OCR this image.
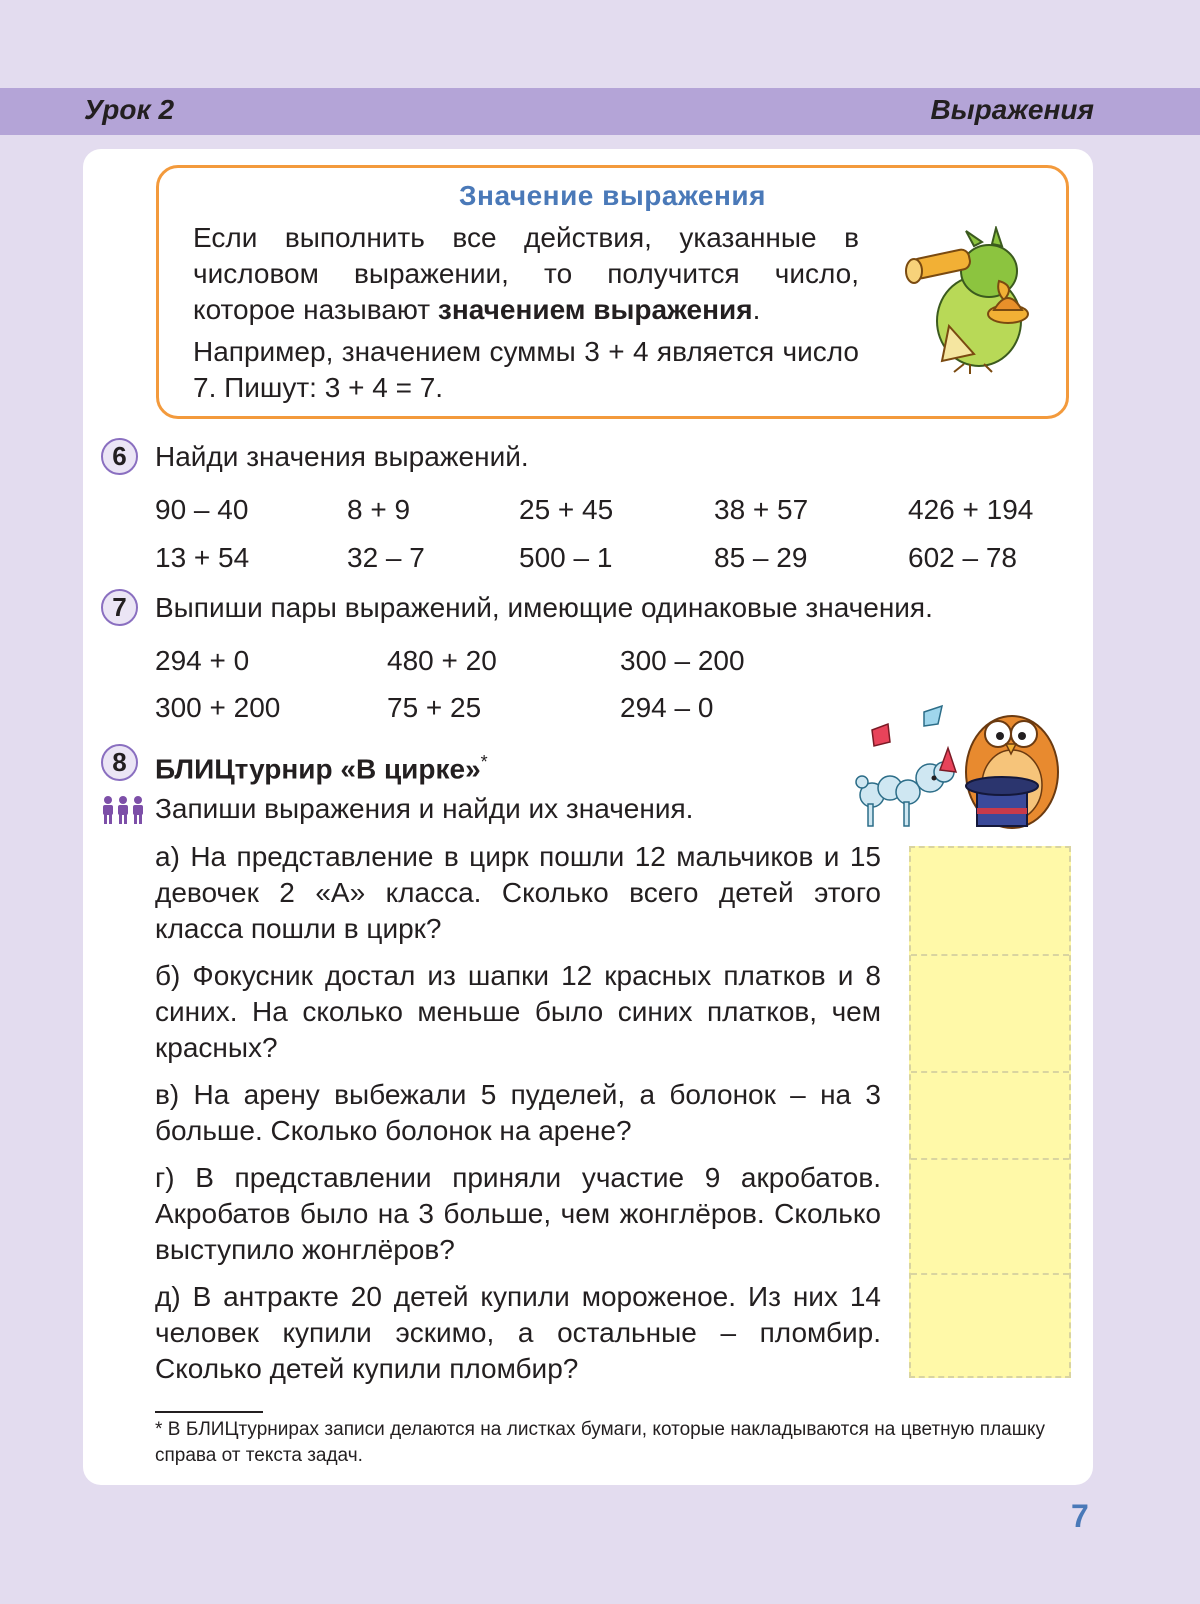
Урок 2	Выражения
Значение выражения

Если выполнить все действия, указанные в числовом выражении, то получится число, которое называют значением выражения.

Например, значением суммы 3 + 4 является число 7. Пишут: 3 + 4 = 7.

6	Найди значения выражений.
90 – 40	8 + 9	25 + 45	38 + 57	426 + 194
13 + 54	32 – 7	500 – 1	85 – 29	602 – 78
7	Выпиши пары выражений, имеющие одинаковые значения.
294 + 0	480 + 20	300 – 200
300 + 200	75 + 25	294 – 0
8	БЛИЦтурнир «В цирке»*
Запиши выражения и найди их значения.
а) На представление в цирк пошли 12 мальчиков и 15 девочек 2 «А» класса. Сколько всего детей этого класса пошли в цирк?
б) Фокусник достал из шапки 12 красных платков и 8 синих. На сколько меньше было синих платков, чем красных?
в) На арену выбежали 5 пуделей, а болонок – на 3 больше. Сколько болонок на арене?
г) В представлении приняли участие 9 акробатов. Акробатов было на 3 больше, чем жонглёров. Сколько выступило жонглёров?
д) В антракте 20 детей купили мороженое. Из них 14 человек купили эскимо, а остальные – пломбир. Сколько детей купили пломбир?
* В БЛИЦтурнирах записи делаются на листках бумаги, которые накладываются на цветную плашку справа от текста задач.
7
